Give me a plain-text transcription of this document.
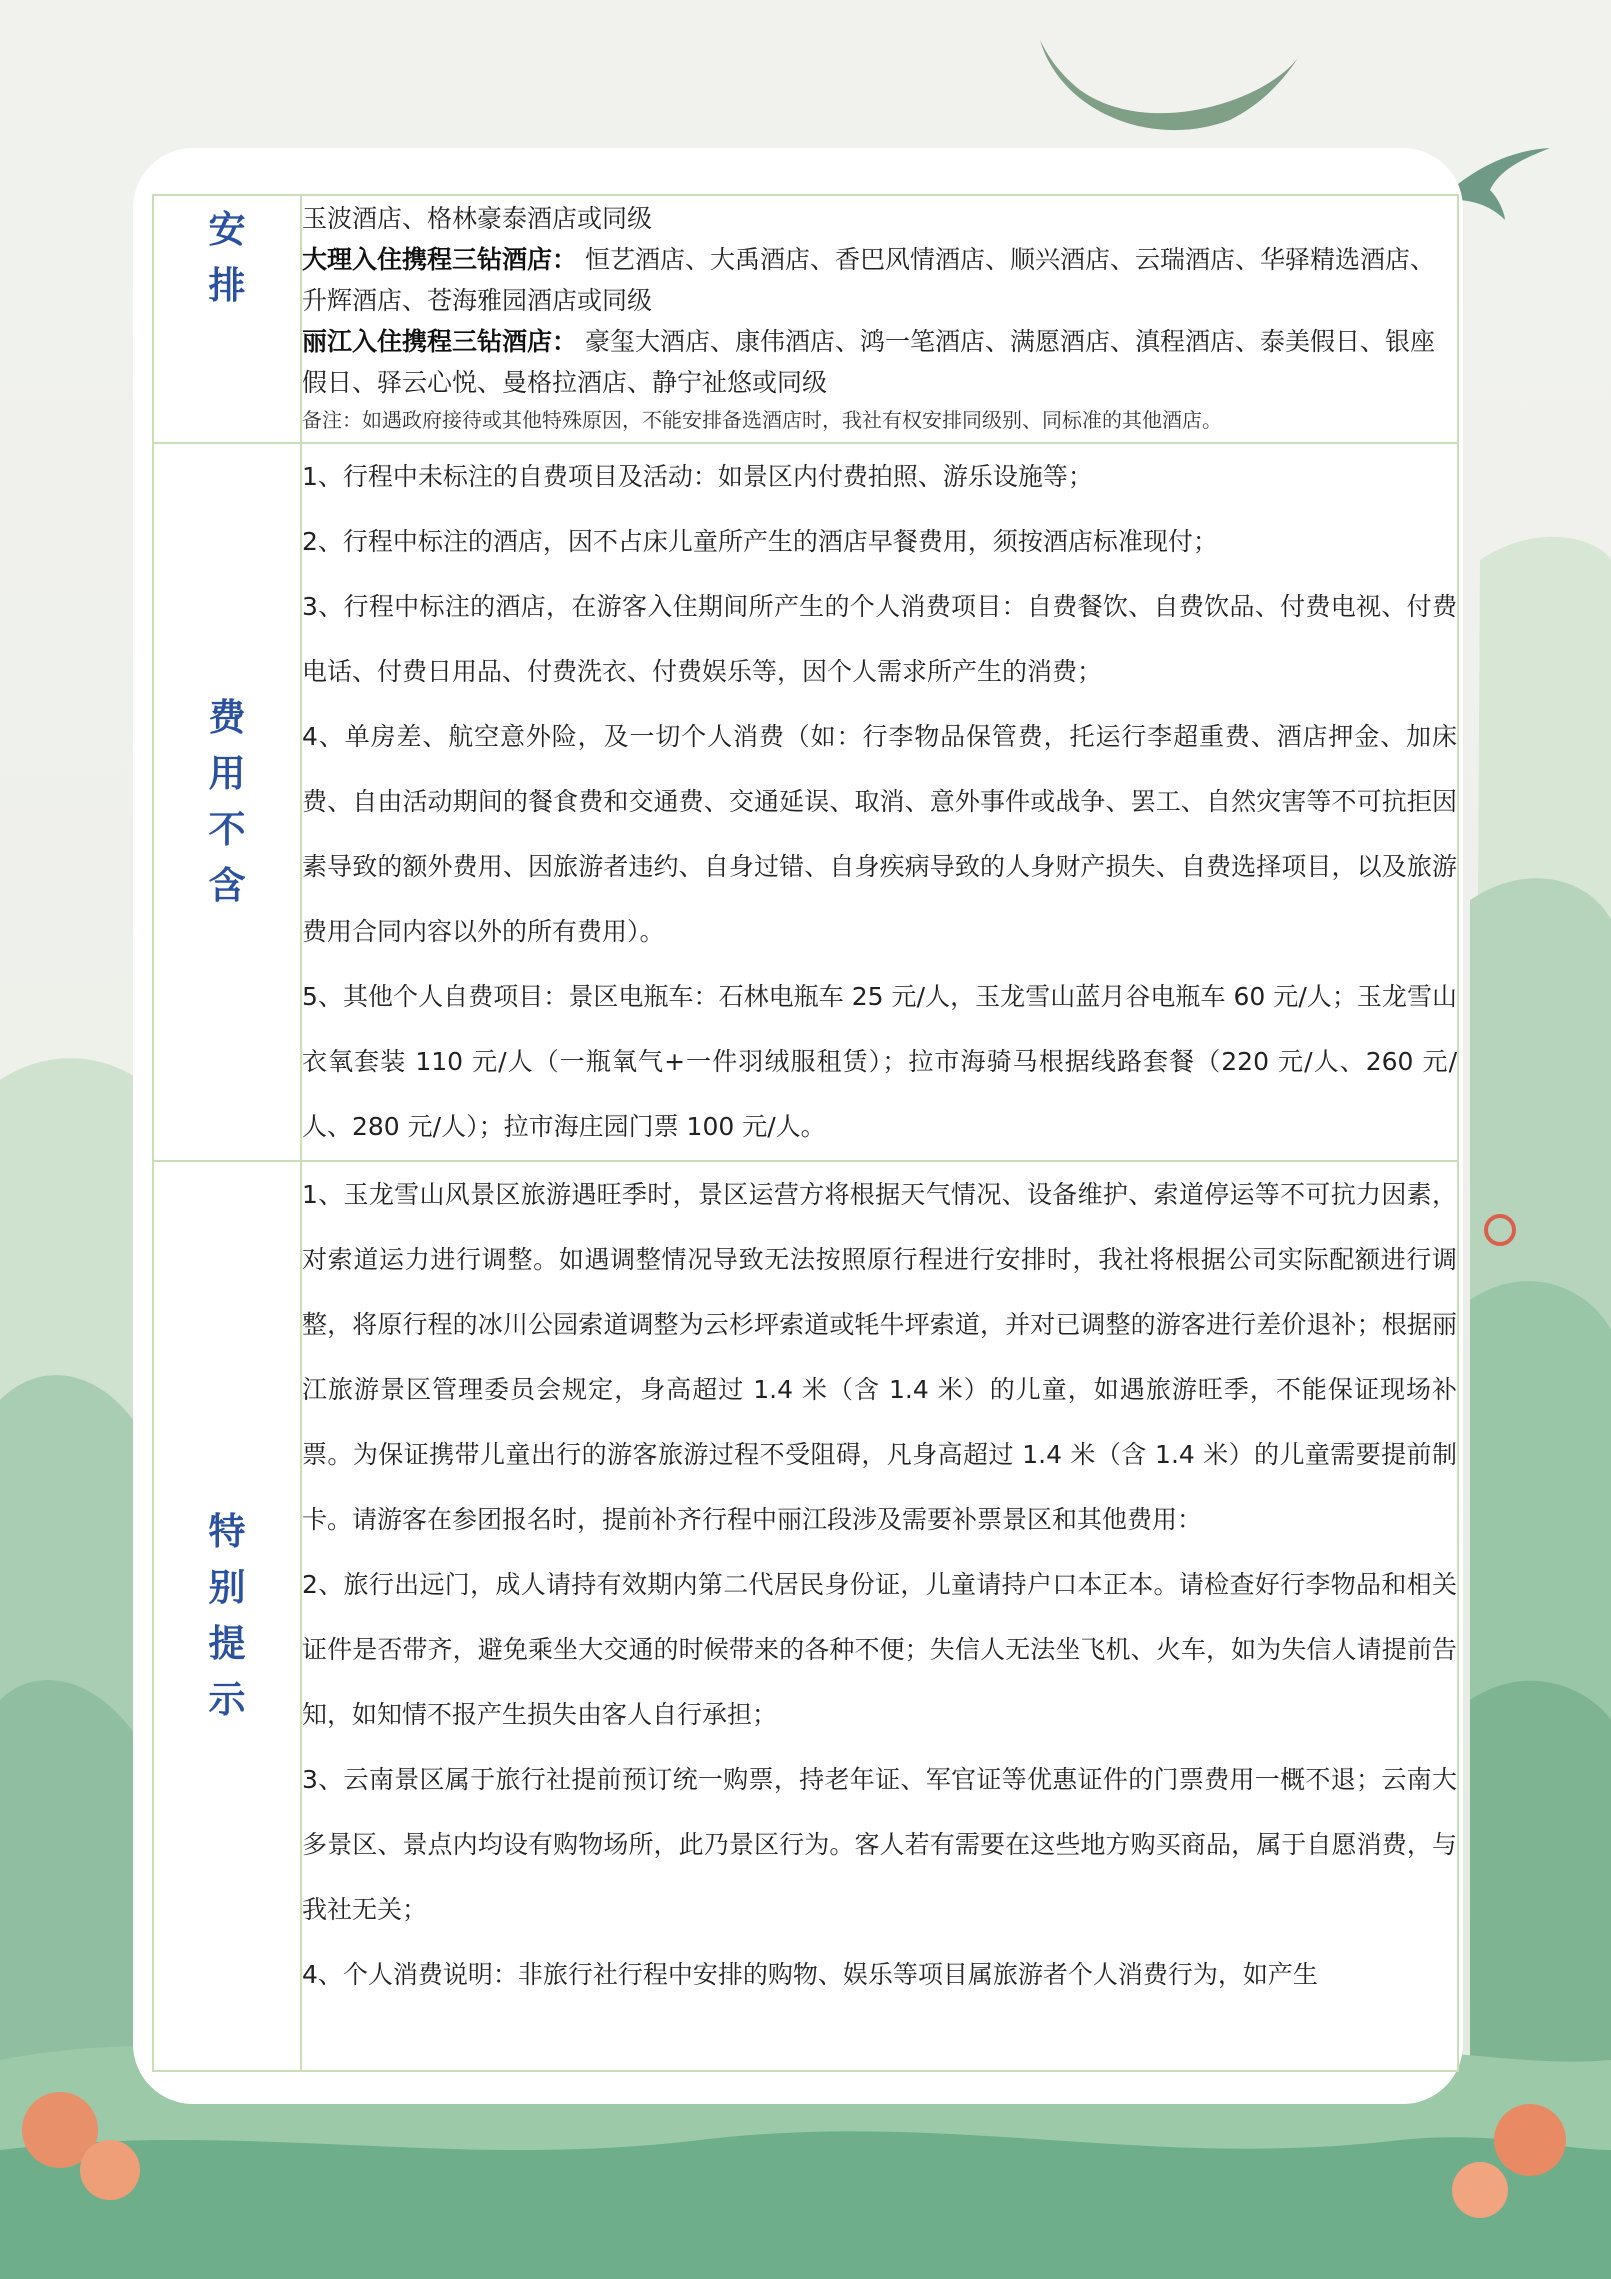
安排	玉波酒店、格林豪泰酒店或同级
大理入住携程三钻酒店： 恒艺酒店、大禹酒店、香巴风情酒店、顺兴酒店、云瑞酒店、华驿精选酒店、升辉酒店、苍海雅园酒店或同级
丽江入住携程三钻酒店： 豪玺大酒店、康伟酒店、鸿一笔酒店、满愿酒店、滇程酒店、泰美假日、银座假日、驿云心悦、曼格拉酒店、静宁祉悠或同级
备注：如遇政府接待或其他特殊原因，不能安排备选酒店时，我社有权安排同级别、同标准的其他酒店。

费用不含	1、行程中未标注的自费项目及活动：如景区内付费拍照、游乐设施等；
2、行程中标注的酒店，因不占床儿童所产生的酒店早餐费用，须按酒店标准现付；
3、行程中标注的酒店，在游客入住期间所产生的个人消费项目：自费餐饮、自费饮品、付费电视、付费电话、付费日用品、付费洗衣、付费娱乐等，因个人需求所产生的消费；
4、单房差、航空意外险，及一切个人消费（如：行李物品保管费，托运行李超重费、酒店押金、加床费、自由活动期间的餐食费和交通费、交通延误、取消、意外事件或战争、罢工、自然灾害等不可抗拒因素导致的额外费用、因旅游者违约、自身过错、自身疾病导致的人身财产损失、自费选择项目，以及旅游费用合同内容以外的所有费用）。
5、其他个人自费项目：景区电瓶车：石林电瓶车 25 元/人，玉龙雪山蓝月谷电瓶车 60 元/人；玉龙雪山衣氧套装 110 元/人（一瓶氧气+一件羽绒服租赁）；拉市海骑马根据线路套餐（220 元/人、260 元/人、280 元/人）；拉市海庄园门票 100 元/人。

特别提示	1、玉龙雪山风景区旅游遇旺季时，景区运营方将根据天气情况、设备维护、索道停运等不可抗力因素，对索道运力进行调整。如遇调整情况导致无法按照原行程进行安排时，我社将根据公司实际配额进行调整，将原行程的冰川公园索道调整为云杉坪索道或牦牛坪索道，并对已调整的游客进行差价退补；根据丽江旅游景区管理委员会规定，身高超过 1.4 米（含 1.4 米）的儿童，如遇旅游旺季，不能保证现场补票。为保证携带儿童出行的游客旅游过程不受阻碍，凡身高超过 1.4 米（含 1.4 米）的儿童需要提前制卡。请游客在参团报名时，提前补齐行程中丽江段涉及需要补票景区和其他费用：
2、旅行出远门，成人请持有效期内第二代居民身份证，儿童请持户口本正本。请检查好行李物品和相关证件是否带齐，避免乘坐大交通的时候带来的各种不便；失信人无法坐飞机、火车，如为失信人请提前告知，如知情不报产生损失由客人自行承担；
3、云南景区属于旅行社提前预订统一购票，持老年证、军官证等优惠证件的门票费用一概不退；云南大多景区、景点内均设有购物场所，此乃景区行为。客人若有需要在这些地方购买商品，属于自愿消费，与我社无关；
4、个人消费说明：非旅行社行程中安排的购物、娱乐等项目属旅游者个人消费行为，如产生
